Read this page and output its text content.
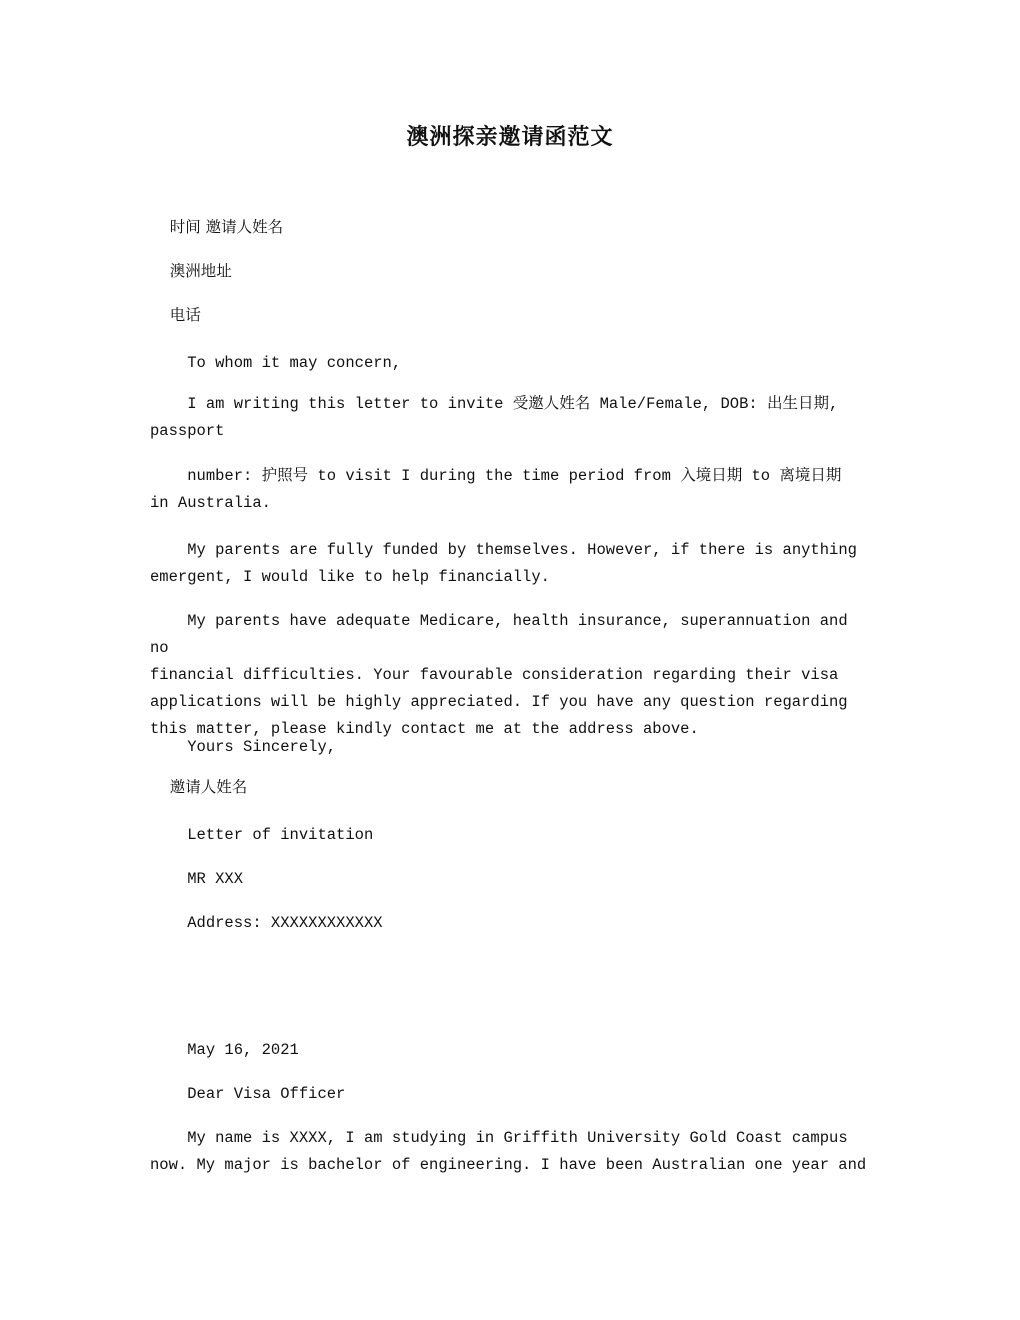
澳洲探亲邀请函范文

时间 邀请人姓名

澳洲地址

电话

To whom it may concern,

I am writing this letter to invite 受邀人姓名 Male/Female, DOB: 出生日期,
passport

number: 护照号 to visit I during the time period from 入境日期 to 离境日期
in Australia.

My parents are fully funded by themselves. However, if there is anything
emergent, I would like to help financially.

My parents have adequate Medicare, health insurance, superannuation and no
financial difficulties. Your favourable consideration regarding their visa
applications will be highly appreciated. If you have any question regarding
this matter, please kindly contact me at the address above.

Yours Sincerely,

邀请人姓名

Letter of invitation

MR XXX

Address: XXXXXXXXXXXX

May 16, 2021

Dear Visa Officer

My name is XXXX, I am studying in Griffith University Gold Coast campus
now. My major is bachelor of engineering. I have been Australian one year and
